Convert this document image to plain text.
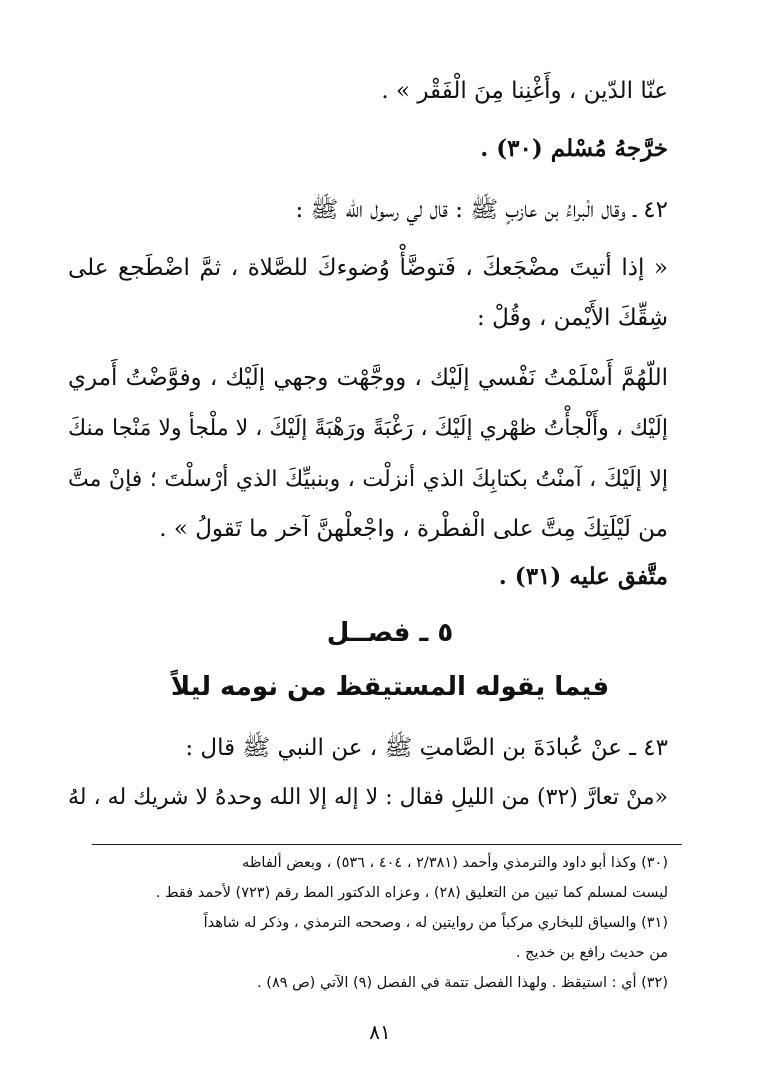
عنّا الدّين ، وأَغْنِنا مِنَ الْفَقْر » .
خرَّجهُ مُسْلم (٣٠) .
٤٢ ـ وقال الْبراءُ بن عازبٍ ﷺ : قال لي رسول الله ﷺ :
« إذا أتيتَ مضْجَعكَ ، فَتوضَّأْ وُضوءكَ للصَّلاة ، ثمَّ اضْطَجع على
شِقِّكَ الأَيْمن ، وقُلْ :
اللّهُمَّ أَسْلَمْتُ نَفْسي إلَيْك ، ووجَّهْت وجهي إلَيْك ، وفوَّضْتُ أَمري
إلَيْك ، وأَلْجأْتُ ظهْري إلَيْكَ ، رَغْبَةً ورَهْبَةً إلَيْكَ ، لا ملْجأ ولا مَنْجا منكَ
إلا إلَيْكَ ، آمنْتُ بكتابِكَ الذي أنزلْت ، وبنبيِّكَ الذي أرْسلْتَ ؛ فإنْ متَّ
من لَيْلَتِكَ مِتَّ على الْفطْرة ، واجْعلْهنَّ آخر ما تَقولُ » .
متَّفق عليه (٣١) .
٥ ـ فصــل
فيما يقوله المستيقظ من نومه ليلاً
٤٣ ـ عنْ عُبادَةَ بن الصَّامتِ ﷺ ، عن النبي ﷺ قال :
«منْ تعارَّ (٣٢) من الليلِ فقال : لا إله إلا الله وحدهُ لا شريك له ، لهُ
(٣٠) وكذا أبو داود والترمذي وأحمد (٢/٣٨١ ، ٤٠٤ ، ٥٣٦) ، وبعض ألفاظه
ليست لمسلم كما تبين من التعليق (٢٨) ، وعزاه الدكتور المط رقم (٧٢٣) لأحمد فقط .
(٣١) والسياق للبخاري مركباً من روايتين له ، وصححه الترمذي ، وذكر له شاهداً
من حديث رافع بن خديج .
(٣٢) أي : استيقظ . ولهذا الفصل تتمة في الفصل (٩) الآتي (ص ٨٩) .
٨١
